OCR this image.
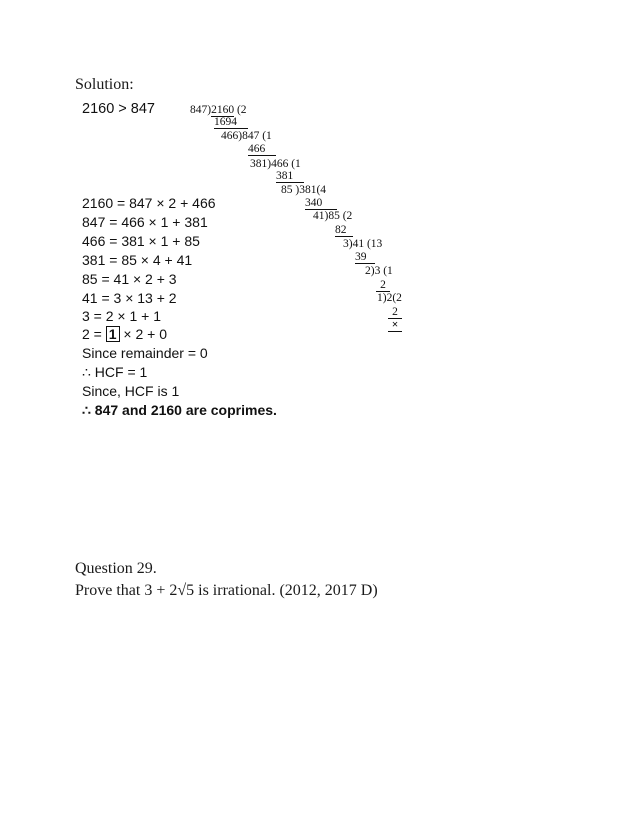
Solution:
2160 > 847
2160 = 847 × 2 + 466
847 = 466 × 1 + 381
466 = 381 × 1 + 85
381 = 85 × 4 + 41
85 = 41 × 2 + 3
41 = 3 × 13 + 2
3 = 2 × 1 + 1
2 = 1 × 2 + 0
Since remainder = 0
∴ HCF = 1
Since, HCF is 1
∴ 847 and 2160 are coprimes.
847)2160 (2
1694
466)847 (1
466
381)466 (1
381
85 )381(4
340
41)85 (2
82
3)41 (13
39
2)3 (1
2
1)2(2
2
×
Question 29.
Prove that 3 + 2√5 is irrational. (2012, 2017 D)
